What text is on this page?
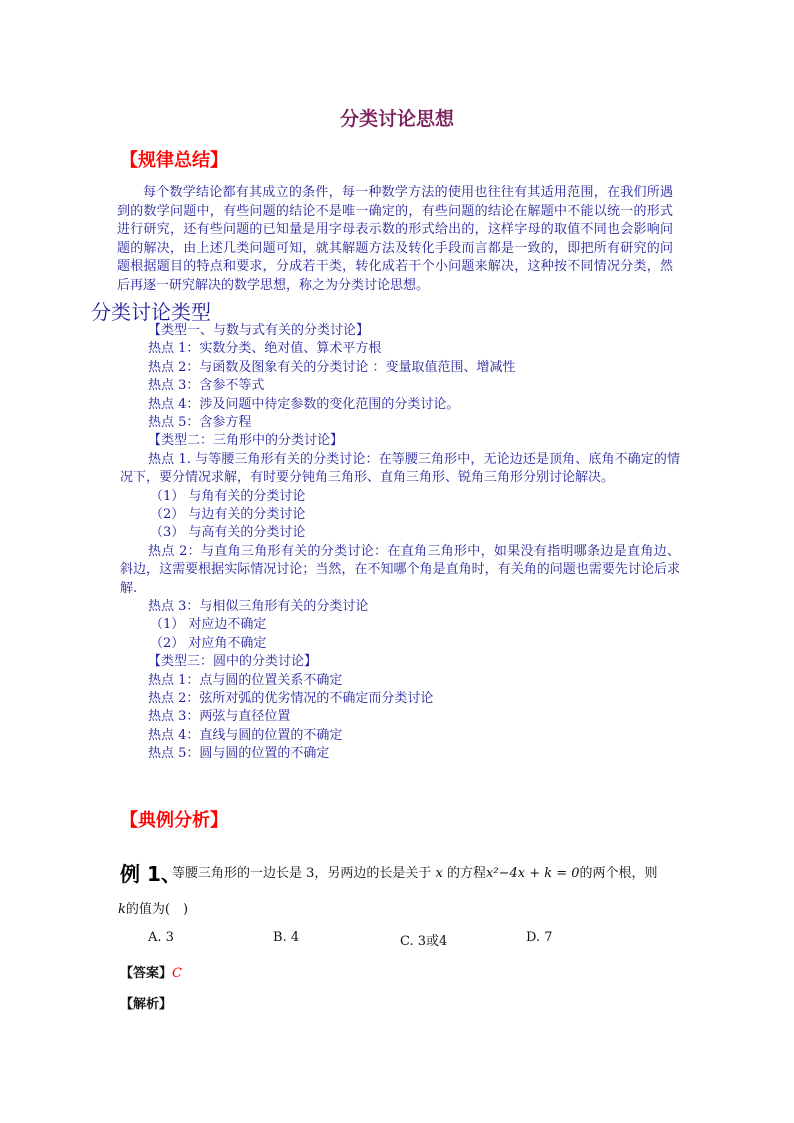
分类讨论思想
【规律总结】
每个数学结论都有其成立的条件，每一种数学方法的使用也往往有其适用范围，在我们所遇到的数学问题中，有些问题的结论不是唯一确定的，有些问题的结论在解题中不能以统一的形式进行研究，还有些问题的已知量是用字母表示数的形式给出的，这样字母的取值不同也会影响问题的解决，由上述几类问题可知，就其解题方法及转化手段而言都是一致的，即把所有研究的问题根据题目的特点和要求，分成若干类，转化成若干个小问题来解决，这种按不同情况分类，然后再逐一研究解决的数学思想，称之为分类讨论思想。
分类讨论类型
【类型一、与数与式有关的分类讨论】
热点 1：实数分类、绝对值、算术平方根
热点 2：与函数及图象有关的分类讨论 ：变量取值范围、增减性
热点 3：含参不等式
热点 4：涉及问题中待定参数的变化范围的分类讨论。
热点 5：含参方程
【类型二：三角形中的分类讨论】
热点 1. 与等腰三角形有关的分类讨论：在等腰三角形中，无论边还是顶角、底角不确定的情况下，要分情况求解，有时要分钝角三角形、直角三角形、锐角三角形分别讨论解决。
（1） 与角有关的分类讨论
（2） 与边有关的分类讨论
（3） 与高有关的分类讨论
热点 2：与直角三角形有关的分类讨论：在直角三角形中，如果没有指明哪条边是直角边、斜边，这需要根据实际情况讨论；当然，在不知哪个角是直角时，有关角的问题也需要先讨论后求解.
热点 3：与相似三角形有关的分类讨论
（1） 对应边不确定
（2） 对应角不确定
【类型三：圆中的分类讨论】
热点 1：点与圆的位置关系不确定
热点 2：弦所对弧的优劣情况的不确定而分类讨论
热点 3：两弦与直径位置
热点 4：直线与圆的位置的不确定
热点 5：圆与圆的位置的不确定
【典例分析】
例 1、
等腰三角形的一边长是 3，另两边的长是关于 x 的方程x²−4x + k = 0的两个根，则
k的值为(　)
A. 3	B. 4	C. 3或4	D. 7
【答案】C
【解析】
